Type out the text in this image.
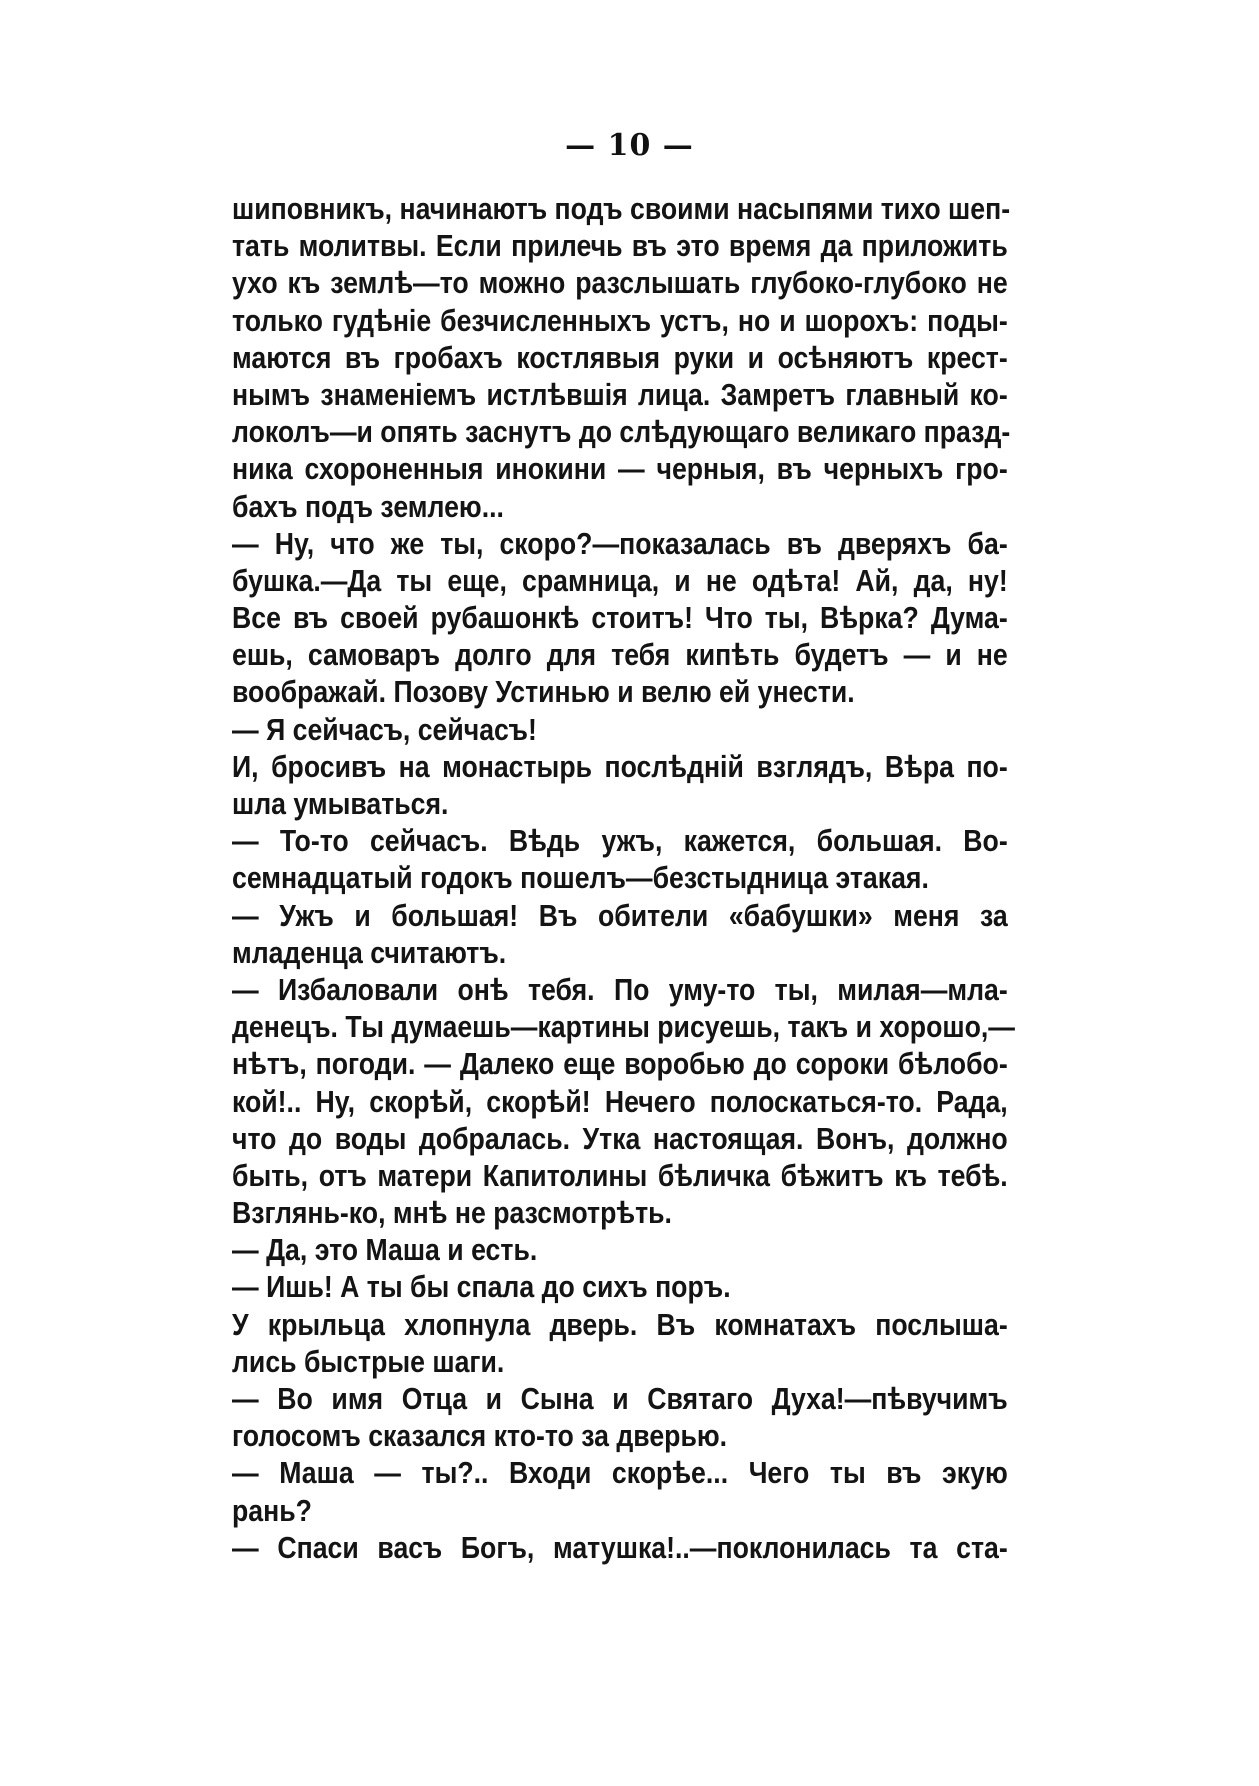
— 10 —
шиповникъ, начинаютъ подъ своими насыпями тихо шеп-
тать молитвы. Если прилечь въ это время да приложить
ухо къ землѣ—то можно разслышать глубоко-глубоко не
только гудѣніе безчисленныхъ устъ, но и шорохъ: поды-
маются въ гробахъ костлявыя руки и осѣняютъ крест-
нымъ знаменіемъ истлѣвшія лица. Замретъ главный ко-
локолъ—и опять заснутъ до слѣдующаго великаго празд-
ника схороненныя инокини — черныя, въ черныхъ гро-
бахъ подъ землею...
— Ну, что же ты, скоро?—показалась въ дверяхъ ба-
бушка.—Да ты еще, срамница, и не одѣта! Ай, да, ну!
Все въ своей рубашонкѣ стоитъ! Что ты, Вѣрка? Дума-
ешь, самоваръ долго для тебя кипѣть будетъ — и не
воображай. Позову Устинью и велю ей унести.
— Я сейчасъ, сейчасъ!
И, бросивъ на монастырь послѣдній взглядъ, Вѣра по-
шла умываться.
— То-то сейчасъ. Вѣдь ужъ, кажется, большая. Во-
семнадцатый годокъ пошелъ—безстыдница этакая.
— Ужъ и большая! Въ обители «бабушки» меня за
младенца считаютъ.
— Избаловали онѣ тебя. По уму-то ты, милая—мла-
денецъ. Ты думаешь—картины рисуешь, такъ и хорошо,—
нѣтъ, погоди. — Далеко еще воробью до сороки бѣлобо-
кой!.. Ну, скорѣй, скорѣй! Нечего полоскаться-то. Рада,
что до воды добралась. Утка настоящая. Вонъ, должно
быть, отъ матери Капитолины бѣличка бѣжитъ къ тебѣ.
Взглянь-ко, мнѣ не разсмотрѣть.
— Да, это Маша и есть.
— Ишь! А ты бы спала до сихъ поръ.
У крыльца хлопнула дверь. Въ комнатахъ послыша-
лись быстрые шаги.
— Во имя Отца и Сына и Святаго Духа!—пѣвучимъ
голосомъ сказался кто-то за дверью.
— Маша — ты?.. Входи скорѣе... Чего ты въ экую
рань?
— Спаси васъ Богъ, матушка!..—поклонилась та ста-
